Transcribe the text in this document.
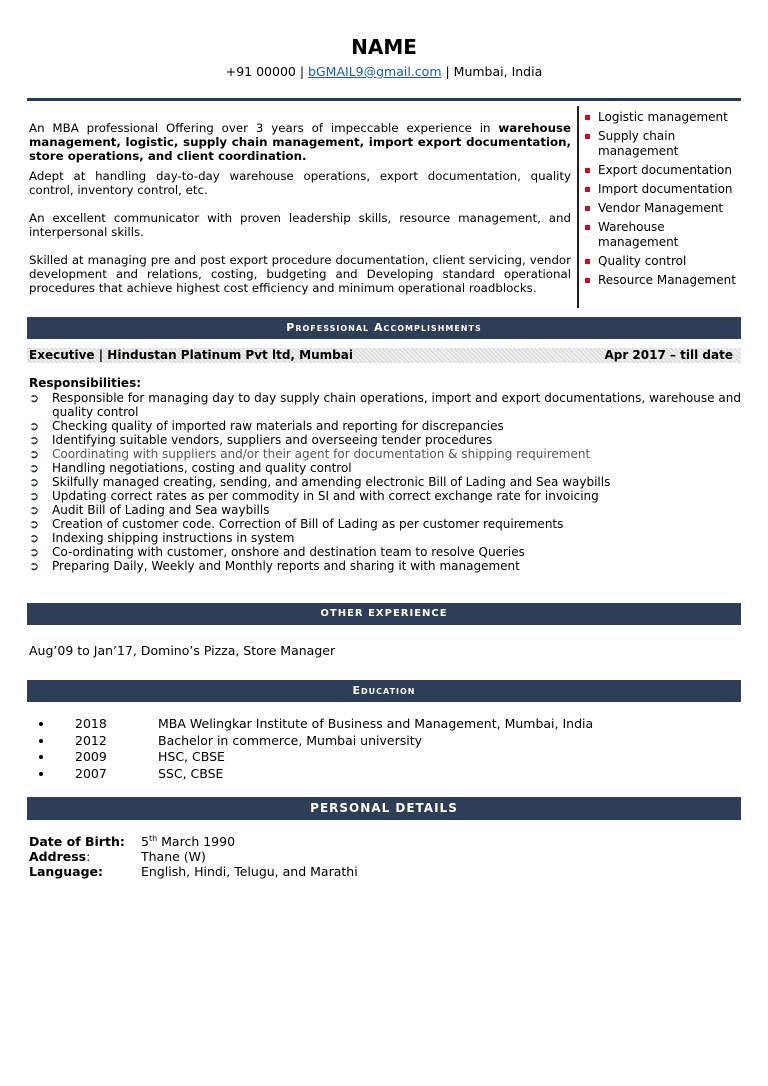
NAME
+91 00000 | bGMAIL9@gmail.com | Mumbai, India

An MBA professional Offering over 3 years of impeccable experience in warehouse management, logistic, supply chain management, import export documentation, store operations, and client coordination.

Adept at handling day-to-day warehouse operations, export documentation, quality control, inventory control, etc.

An excellent communicator with proven leadership skills, resource management, and interpersonal skills.

Skilled at managing pre and post export procedure documentation, client servicing, vendor development and relations, costing, budgeting and Developing standard operational procedures that achieve highest cost efficiency and minimum operational roadblocks.

Logistic management
Supply chain management
Export documentation
Import documentation
Vendor Management
Warehouse management
Quality control
Resource Management
Professional Accomplishments
Executive | Hindustan Platinum Pvt ltd, Mumbai	Apr 2017 – till date
Responsibilities:
➲ Responsible for managing day to day supply chain operations, import and export documentations, warehouse and quality control
➲ Checking quality of imported raw materials and reporting for discrepancies
➲ Identifying suitable vendors, suppliers and overseeing tender procedures
➲ Coordinating with suppliers and/or their agent for documentation & shipping requirement
➲ Handling negotiations, costing and quality control
➲ Skilfully managed creating, sending, and amending electronic Bill of Lading and Sea waybills
➲ Updating correct rates as per commodity in SI and with correct exchange rate for invoicing
➲ Audit Bill of Lading and Sea waybills
➲ Creation of customer code. Correction of Bill of Lading as per customer requirements
➲ Indexing shipping instructions in system
➲ Co-ordinating with customer, onshore and destination team to resolve Queries
➲ Preparing Daily, Weekly and Monthly reports and sharing it with management
OTHER EXPERIENCE
Aug’09 to Jan’17, Domino’s Pizza, Store Manager
Education
2018	MBA Welingkar Institute of Business and Management, Mumbai, India
2012	Bachelor in commerce, Mumbai university
2009	HSC, CBSE
2007	SSC, CBSE
PERSONAL DETAILS
Date of Birth: 5th March 1990
Address:	Thane (W)
Language:	English, Hindi, Telugu, and Marathi
